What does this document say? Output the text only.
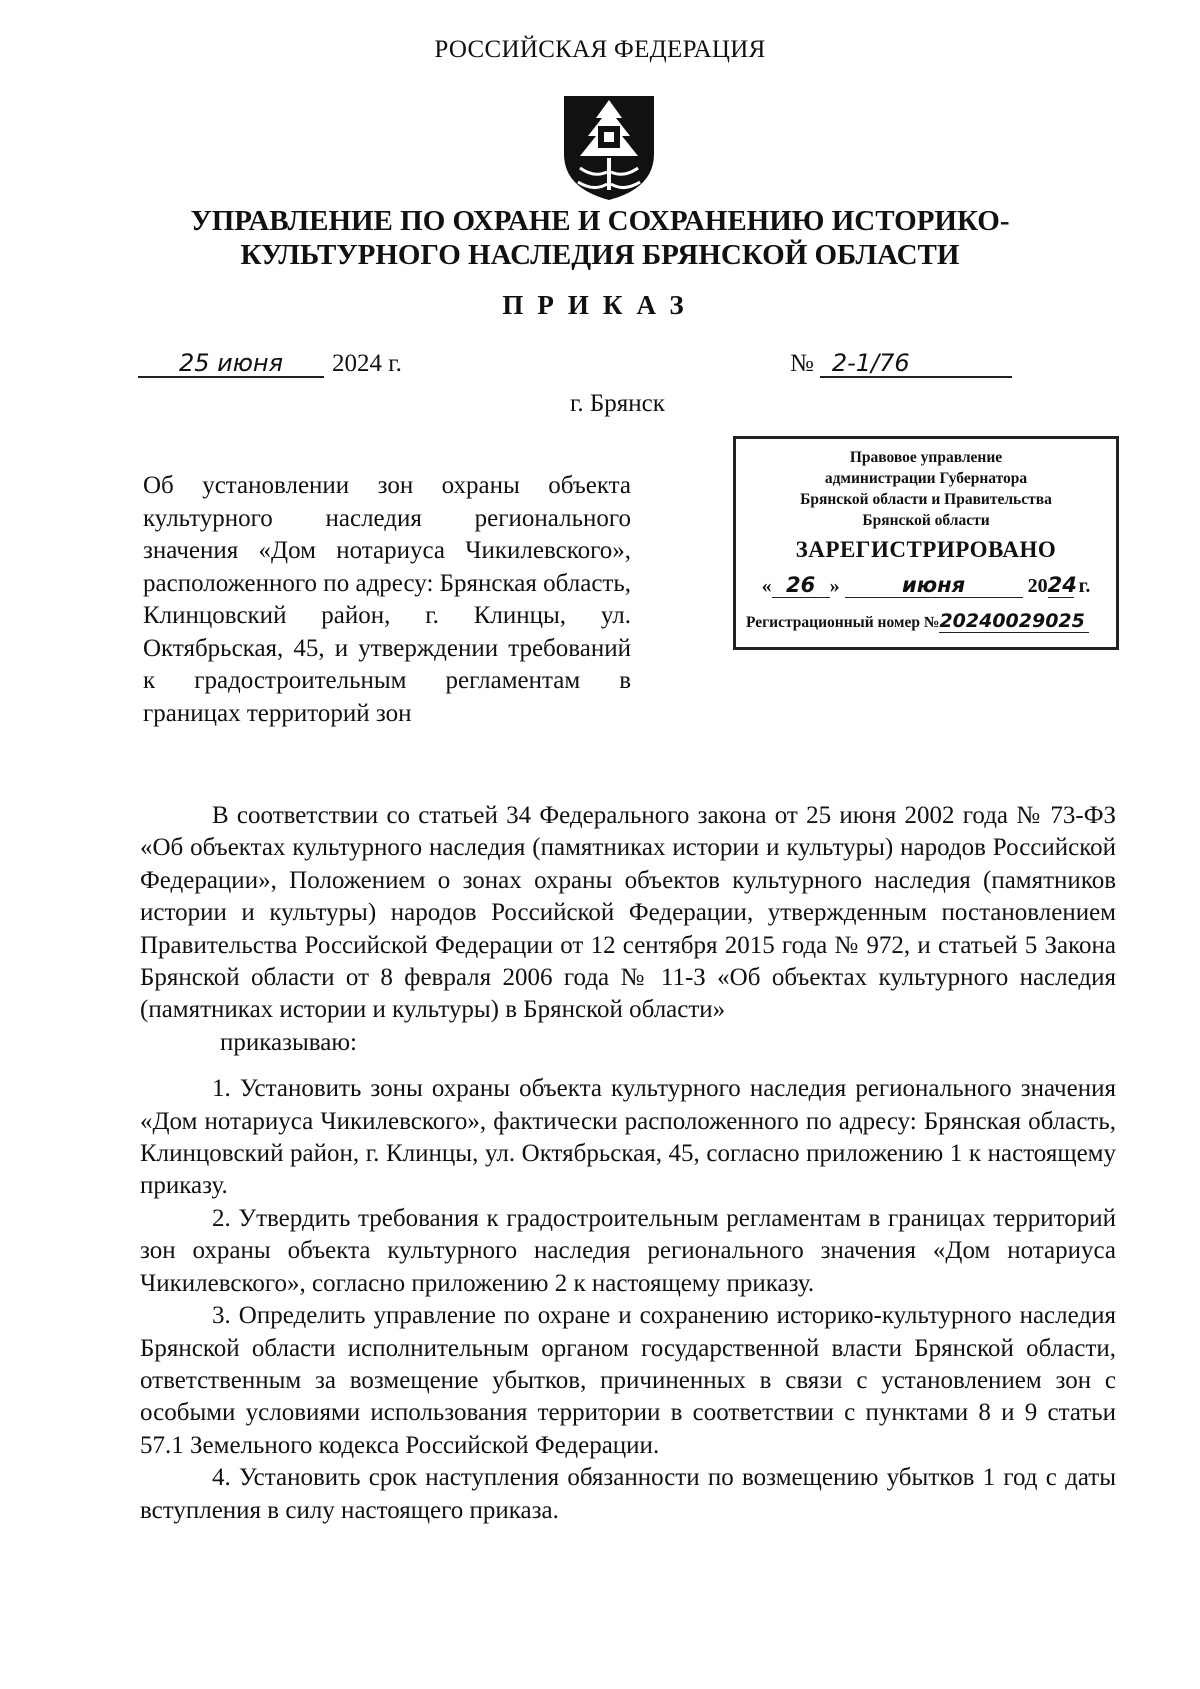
РОССИЙСКАЯ ФЕДЕРАЦИЯ
УПРАВЛЕНИЕ ПО ОХРАНЕ И СОХРАНЕНИЮ ИСТОРИКО-
КУЛЬТУРНОГО НАСЛЕДИЯ БРЯНСКОЙ ОБЛАСТИ
ПРИКАЗ
25 июня 2024 г.	№ 2-1/76
г. Брянск
Правовое управление
администрации Губернатора
Брянской области и Правительства
Брянской области
ЗАРЕГИСТРИРОВАНО
« 26 »	июня	2024 г.
Регистрационный номер №20240029025
Об установлении зон охраны объекта культурного наследия регионального значения «Дом нотариуса Чикилевского», расположенного по адресу: Брянская область, Клинцовский район, г. Клинцы, ул. Октябрьская, 45, и утверждении требований к градостроительным регламентам в границах территорий зон

В соответствии со статьей 34 Федерального закона от 25 июня 2002 года № 73-ФЗ «Об объектах культурного наследия (памятниках истории и культуры) народов Российской Федерации», Положением о зонах охраны объектов культурного наследия (памятников истории и культуры) народов Российской Федерации, утвержденным постановлением Правительства Российской Федерации от 12 сентября 2015 года № 972, и статьей 5 Закона Брянской области от 8 февраля 2006 года № 11-З «Об объектах культурного наследия (памятниках истории и культуры) в Брянской области»

приказываю:

1. Установить зоны охраны объекта культурного наследия регионального значения «Дом нотариуса Чикилевского», фактически расположенного по адресу: Брянская область, Клинцовский район, г. Клинцы, ул. Октябрьская, 45, согласно приложению 1 к настоящему приказу.

2. Утвердить требования к градостроительным регламентам в границах территорий зон охраны объекта культурного наследия регионального значения «Дом нотариуса Чикилевского», согласно приложению 2 к настоящему приказу.

3. Определить управление по охране и сохранению историко-культурного наследия Брянской области исполнительным органом государственной власти Брянской области, ответственным за возмещение убытков, причиненных в связи с установлением зон с особыми условиями использования территории в соответствии с пунктами 8 и 9 статьи 57.1 Земельного кодекса Российской Федерации.

4. Установить срок наступления обязанности по возмещению убытков 1 год с даты вступления в силу настоящего приказа.
